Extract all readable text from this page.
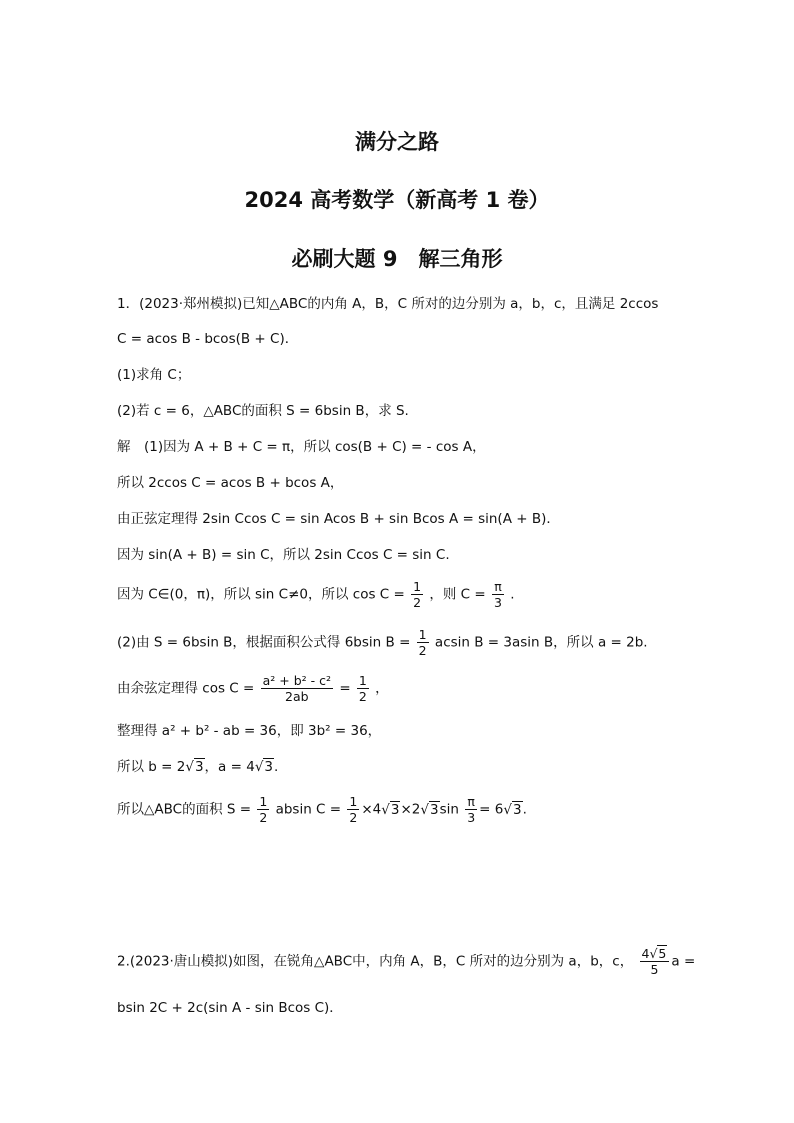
满分之路
2024 高考数学（新高考 1 卷）
必刷大题 9　解三角形
1．(2023·郑州模拟)已知△ABC的内角 A，B，C 所对的边分别为 a，b，c，且满足 2ccos
C = acos B - bcos(B + C)．
(1)求角 C；
(2)若 c = 6，△ABC的面积 S = 6bsin B，求 S.
解　(1)因为 A + B + C = π，所以 cos(B + C) = - cos A，
所以 2ccos C = acos B + bcos A，
由正弦定理得 2sin Ccos C = sin Acos B + sin Bcos A = sin(A + B)．
因为 sin(A + B) = sin C，所以 2sin Ccos C = sin C.
因为 C∈(0，π)，所以 sin C≠0，所以 $\cos C = \frac{1}{2}$ ，则 $C = \frac{\pi}{3}$ .
(2)由 S = 6bsin B，根据面积公式得 6bsin $B = \frac{1}{2}$ acsin B = 3asin B，所以 a = 2b.
由余弦定理得 $\cos C = \frac{\text{a² + b² - c²}}{2ab} = \frac{1}{2}$ ，
整理得 a² + b² - ab = 36，即 3b² = 36，
所以 b = 2√3，a = 4√3.
所以△ABC的面积 $S = \frac{1}{2}$ absin $C = \frac{1}{2} \times 4√3\times 2√3\sin \frac{\pi}{3} = 6√3$.
2.(2023·唐山模拟)如图，在锐角△ABC中，内角 A，B，C 所对的边分别为 a，b，c， $\frac{4√5}{5}$ a =
bsin 2C + 2c(sin A - sin Bcos C)．
